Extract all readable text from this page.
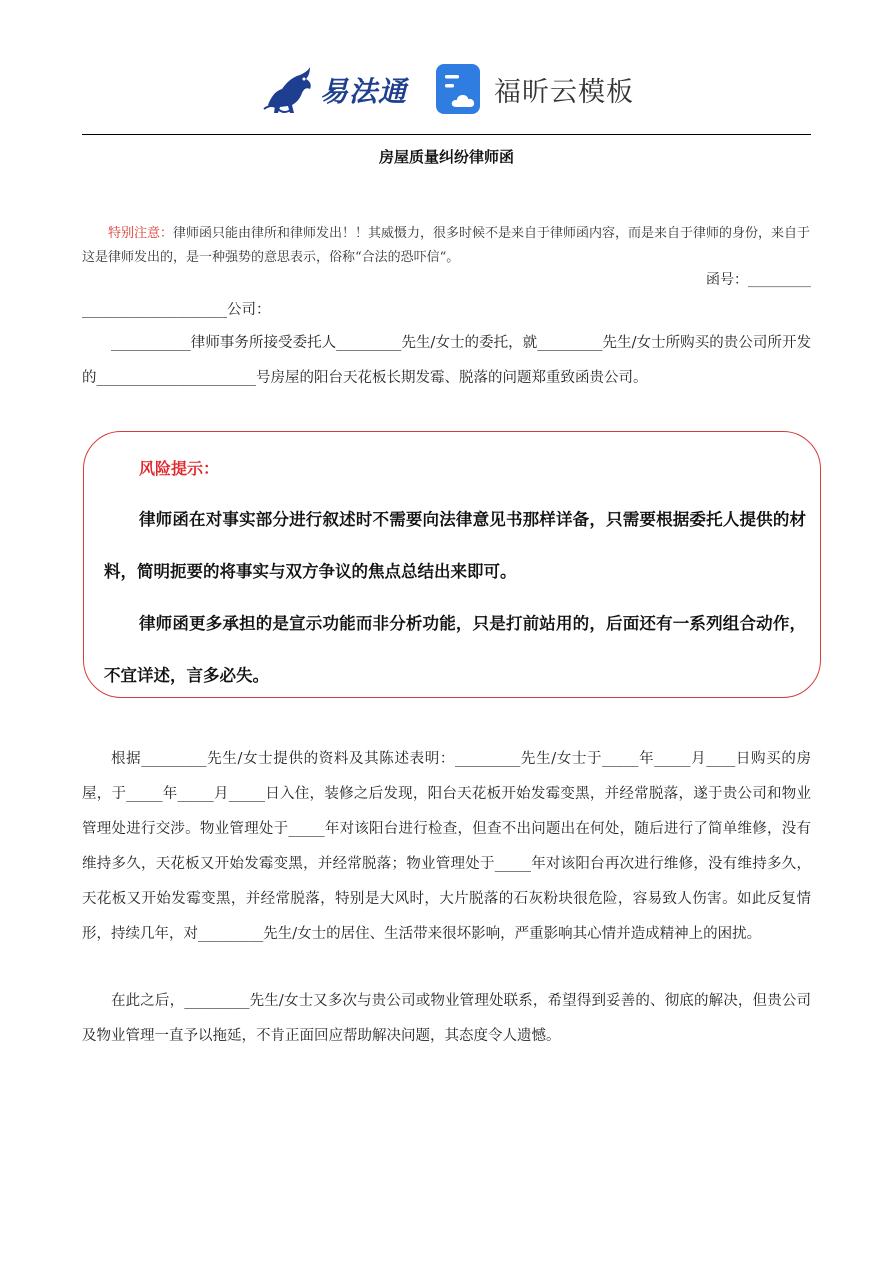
易法通	福昕云模板
房屋质量纠纷律师函
特别注意：律师函只能由律所和律师发出！！其威慑力，很多时候不是来自于律师函内容，而是来自于律师的身份，来自于这是律师发出的，是一种强势的意思表示，俗称“合法的恐吓信“。
函号：_________
____________________公司：
___________律师事务所接受委托人_________先生/女士的委托，就_________先生/女士所购买的贵公司所开发的______________________号房屋的阳台天花板长期发霉、脱落的问题郑重致函贵公司。
风险提示：
律师函在对事实部分进行叙述时不需要向法律意见书那样详备，只需要根据委托人提供的材料，简明扼要的将事实与双方争议的焦点总结出来即可。
律师函更多承担的是宣示功能而非分析功能，只是打前站用的，后面还有一系列组合动作，不宜详述，言多必失。
根据_________先生/女士提供的资料及其陈述表明：_________先生/女士于_____年_____月____日购买的房屋，于_____年_____月_____日入住，装修之后发现，阳台天花板开始发霉变黑，并经常脱落，遂于贵公司和物业管理处进行交涉。物业管理处于_____年对该阳台进行检查，但查不出问题出在何处，随后进行了简单维修，没有维持多久，天花板又开始发霉变黑，并经常脱落；物业管理处于_____年对该阳台再次进行维修，没有维持多久，天花板又开始发霉变黑，并经常脱落，特别是大风时，大片脱落的石灰粉块很危险，容易致人伤害。如此反复情形，持续几年，对_________先生/女士的居住、生活带来很坏影响，严重影响其心情并造成精神上的困扰。
在此之后，_________先生/女士又多次与贵公司或物业管理处联系，希望得到妥善的、彻底的解决，但贵公司及物业管理一直予以拖延，不肯正面回应帮助解决问题，其态度令人遗憾。
